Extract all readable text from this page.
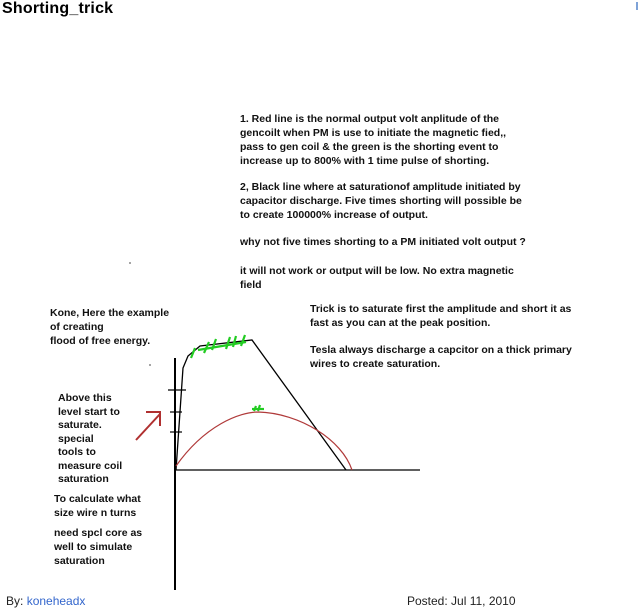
Shorting_trick
1. Red line is the normal output volt anplitude of the
gencoilt when PM is use to initiate the magnetic fied,,
pass to gen coil & the green is the shorting event to
increase up to 800% with 1 time pulse of shorting.
2, Black line where at saturationof amplitude initiated by
capacitor discharge. Five times shorting will possible be
to create 100000% increase of output.
why not five times shorting to a PM initiated volt output ?
it will not work or output will be low. No extra magnetic
field
Kone, Here the example
of creating
flood of free energy.
Trick is to saturate first the amplitude and short it as
fast as you can at the peak position.
Tesla always discharge a capcitor on a thick primary
wires to create saturation.
Above this
level start to
saturate.
special
tools to
measure coil
saturation
To calculate what
size wire n turns
need spcl core as
well to simulate
saturation
By: koneheadx	Posted: Jul 11, 2010
